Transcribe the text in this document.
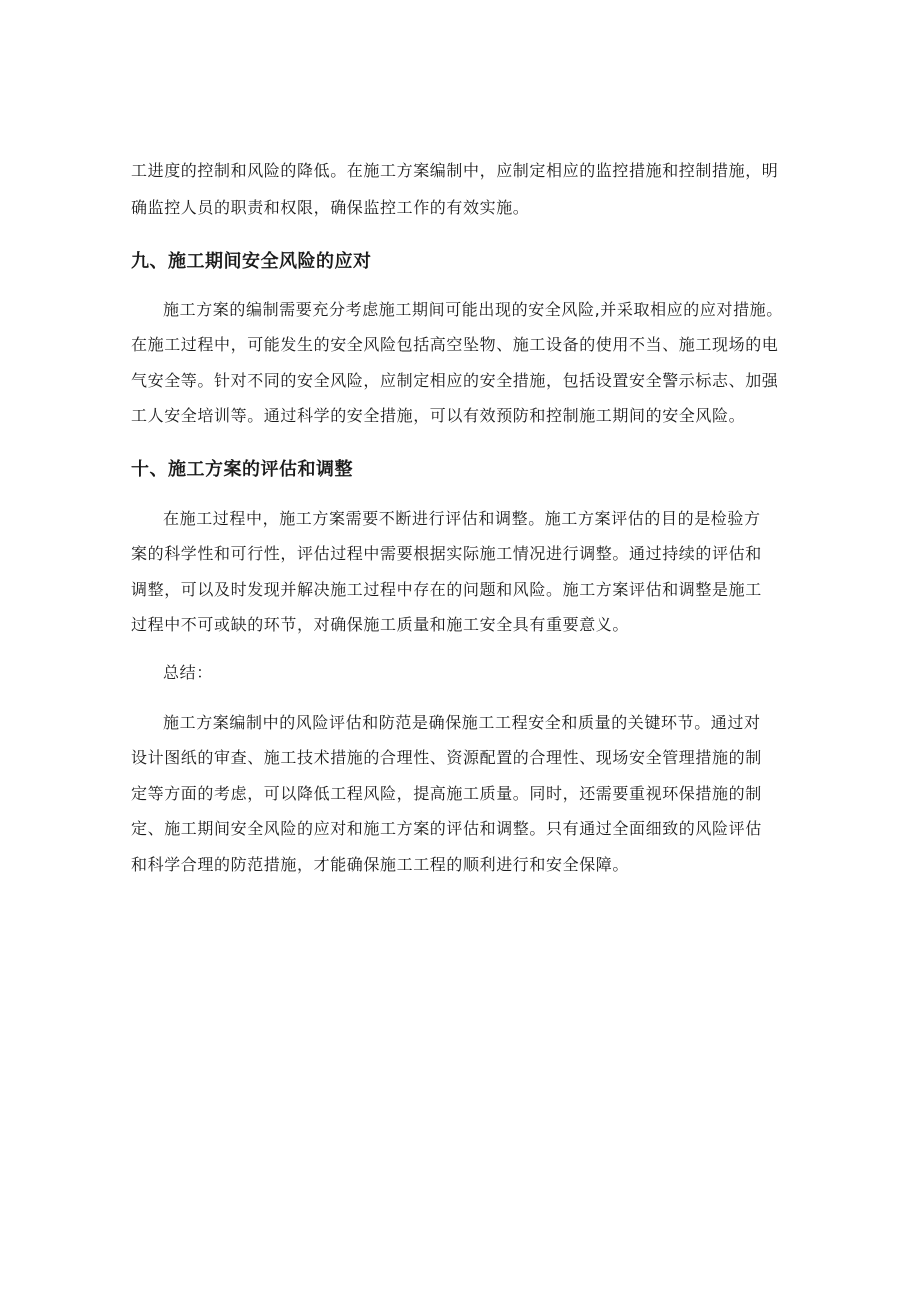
工进度的控制和风险的降低。在施工方案编制中，应制定相应的监控措施和控制措施，明
确监控人员的职责和权限，确保监控工作的有效实施。
九、施工期间安全风险的应对
施工方案的编制需要充分考虑施工期间可能出现的安全风险,并采取相应的应对措施。
在施工过程中，可能发生的安全风险包括高空坠物、施工设备的使用不当、施工现场的电
气安全等。针对不同的安全风险，应制定相应的安全措施，包括设置安全警示标志、加强
工人安全培训等。通过科学的安全措施，可以有效预防和控制施工期间的安全风险。
十、施工方案的评估和调整
在施工过程中，施工方案需要不断进行评估和调整。施工方案评估的目的是检验方
案的科学性和可行性，评估过程中需要根据实际施工情况进行调整。通过持续的评估和
调整，可以及时发现并解决施工过程中存在的问题和风险。施工方案评估和调整是施工
过程中不可或缺的环节，对确保施工质量和施工安全具有重要意义。
总结：
施工方案编制中的风险评估和防范是确保施工工程安全和质量的关键环节。通过对
设计图纸的审查、施工技术措施的合理性、资源配置的合理性、现场安全管理措施的制
定等方面的考虑，可以降低工程风险，提高施工质量。同时，还需要重视环保措施的制
定、施工期间安全风险的应对和施工方案的评估和调整。只有通过全面细致的风险评估
和科学合理的防范措施，才能确保施工工程的顺利进行和安全保障。
